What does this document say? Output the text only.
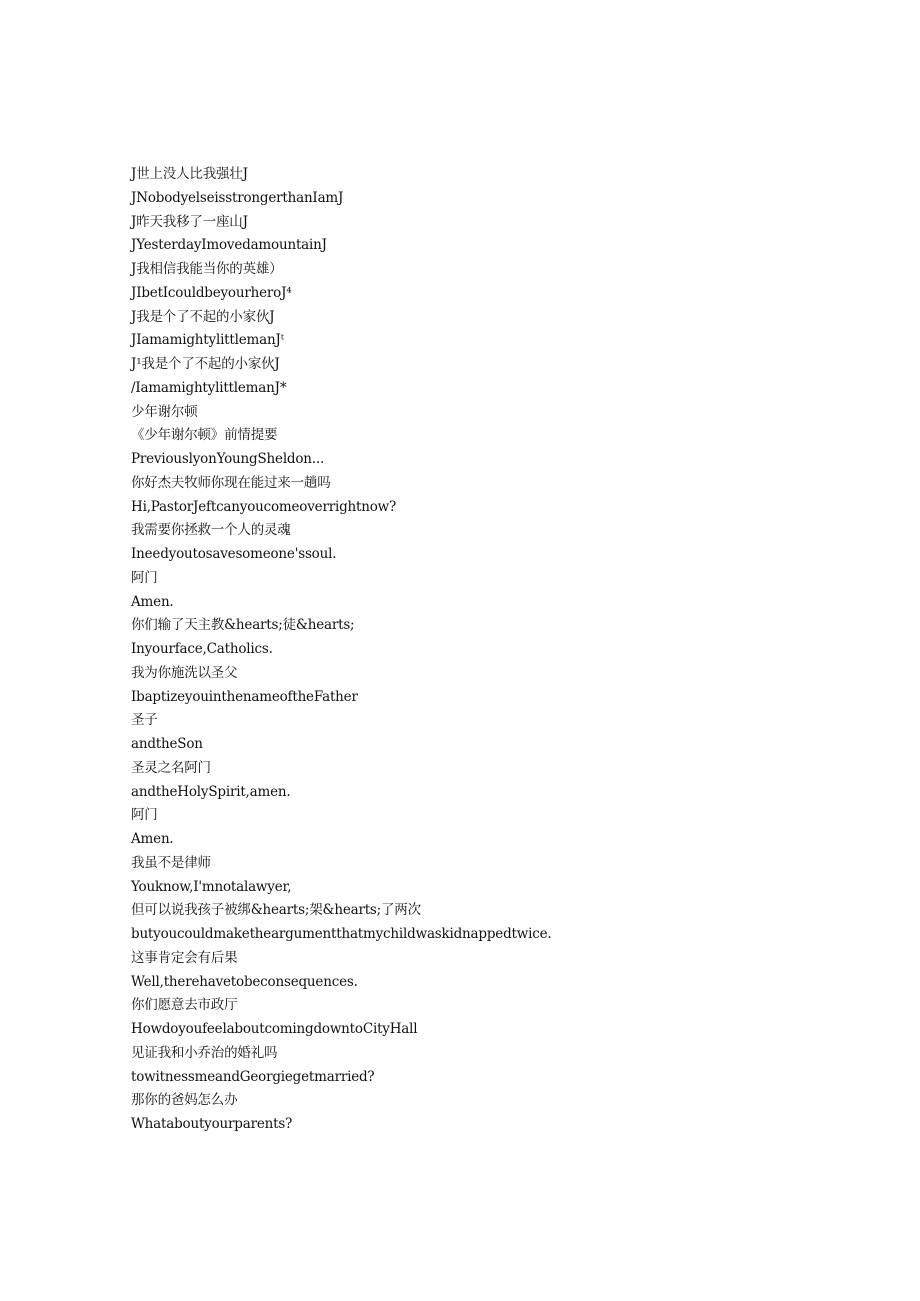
J世上没人比我强壮J
JNobodyelseisstrongerthanIamJ
J昨天我移了一座山J
JYesterdayImovedamountainJ
J我相信我能当你的英雄）
JIbetIcouldbeyourheroJ⁴
J我是个了不起的小家伙J
JIamamightylittlemanJᵗ
J¹我是个了不起的小家伙J
/IamamightylittlemanJ*
少年谢尔顿
《少年谢尔顿》前情提要
PreviouslyonYoungSheldon...
你好杰夫牧师你现在能过来一趟吗
Hi,PastorJeftcanyoucomeoverrightnow?
我需要你拯救一个人的灵魂
Ineedyoutosavesomeone'ssoul.
阿门
Amen.
你们输了天主教&hearts;徒&hearts;
Inyourface,Catholics.
我为你施洗以圣父
IbaptizeyouinthenameoftheFather
圣子
andtheSon
圣灵之名阿门
andtheHolySpirit,amen.
阿门
Amen.
我虽不是律师
Youknow,I'mnotalawyer,
但可以说我孩子被绑&hearts;架&hearts;了两次
butyoucouldmaketheargumentthatmychildwaskidnappedtwice.
这事肯定会有后果
Well,therehavetobeconsequences.
你们愿意去市政厅
HowdoyoufeelaboutcomingdowntoCityHall
见证我和小乔治的婚礼吗
towitnessmeandGeorgiegetmarried?
那你的爸妈怎么办
Whataboutyourparents?
